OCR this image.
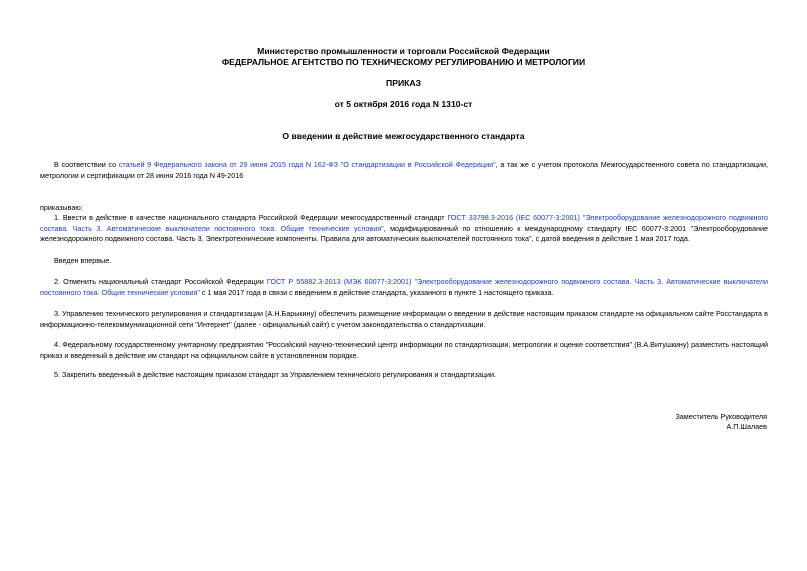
Министерство промышленности и торговли Российской Федерации
ФЕДЕРАЛЬНОЕ АГЕНТСТВО ПО ТЕХНИЧЕСКОМУ РЕГУЛИРОВАНИЮ И МЕТРОЛОГИИ
ПРИКАЗ
от 5 октября 2016 года N 1310-ст
О введении в действие межгосударственного стандарта

В соответствии со статьей 9 Федерального закона от 29 июня 2015 года N 162-ФЗ "О стандартизации в Российской Федерации", а так же с учетом протокола Межгосударственного совета по стандартизации, метрологии и сертификации от 28 июня 2016 года N 49-2016

приказываю:

1. Ввести в действие в качестве национального стандарта Российской Федерации межгосударственный стандарт ГОСТ 33798.3-2016 (IEC 60077-3:2001) "Электрооборудование железнодорожного подвижного состава. Часть 3. Автоматические выключатели постоянного тока. Общие технические условия", модифицированный по отношению к международному стандарту IEC 60077-3:2001 "Электрооборудование железнодорожного подвижного состава. Часть 3. Электротехнические компоненты. Правила для автоматических выключателей постоянного тока", с датой введения в действие 1 мая 2017 года.

Введен впервые.

2. Отменить национальный стандарт Российской Федерации ГОСТ Р 55882.3-2013 (МЭК 60077-3:2001) "Электрооборудование железнодорожного подвижного состава. Часть 3. Автоматические выключатели постоянного тока. Общие технические условия" с 1 мая 2017 года в связи с введением в действие стандарта, указанного в пункте 1 настоящего приказа.

3. Управлению технического регулирования и стандартизации (А.Н.Барыкину) обеспечить размещение информации о введении в действие настоящим приказом стандарте на официальном сайте Росстандарта в информационно-телекоммуникационной сети "Интернет" (далее - официальный сайт) с учетом законодательства о стандартизации.

4. Федеральному государственному унитарному предприятию "Российский научно-технический центр информации по стандартизации, метрологии и оценке соответствия" (В.А.Витушкину) разместить настоящий приказ и введенный в действие им стандарт на официальном сайте в установленном порядке.

5. Закрепить введенный в действие настоящим приказом стандарт за Управлением технического регулирования и стандартизации.

Заместитель Руководителя
А.П.Шалаев
